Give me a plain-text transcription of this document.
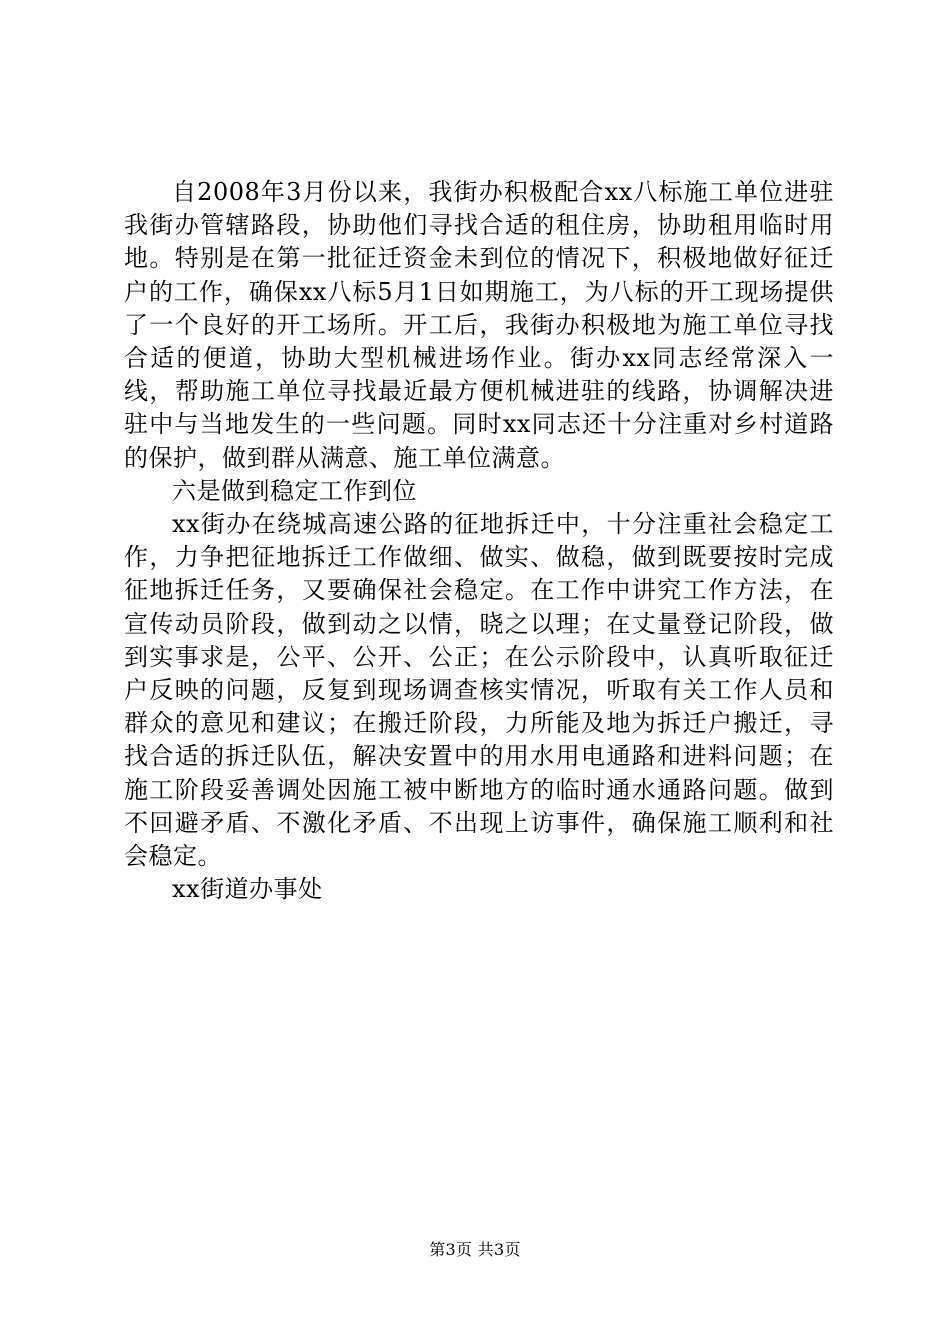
自2008年3月份以来，我街办积极配合xx八标施工单位进驻我街办管辖路段，协助他们寻找合适的租住房，协助租用临时用地。特别是在第一批征迁资金未到位的情况下，积极地做好征迁户的工作，确保xx八标5月1日如期施工，为八标的开工现场提供了一个良好的开工场所。开工后，我街办积极地为施工单位寻找合适的便道，协助大型机械进场作业。街办xx同志经常深入一线，帮助施工单位寻找最近最方便机械进驻的线路，协调解决进驻中与当地发生的一些问题。同时xx同志还十分注重对乡村道路的保护，做到群从满意、施工单位满意。

六是做到稳定工作到位

xx街办在绕城高速公路的征地拆迁中，十分注重社会稳定工作，力争把征地拆迁工作做细、做实、做稳，做到既要按时完成征地拆迁任务，又要确保社会稳定。在工作中讲究工作方法，在宣传动员阶段，做到动之以情，晓之以理；在丈量登记阶段，做到实事求是，公平、公开、公正；在公示阶段中，认真听取征迁户反映的问题，反复到现场调查核实情况，听取有关工作人员和群众的意见和建议；在搬迁阶段，力所能及地为拆迁户搬迁，寻找合适的拆迁队伍，解决安置中的用水用电通路和进料问题；在施工阶段妥善调处因施工被中断地方的临时通水通路问题。做到不回避矛盾、不激化矛盾、不出现上访事件，确保施工顺利和社会稳定。

xx街道办事处

第3页 共3页
